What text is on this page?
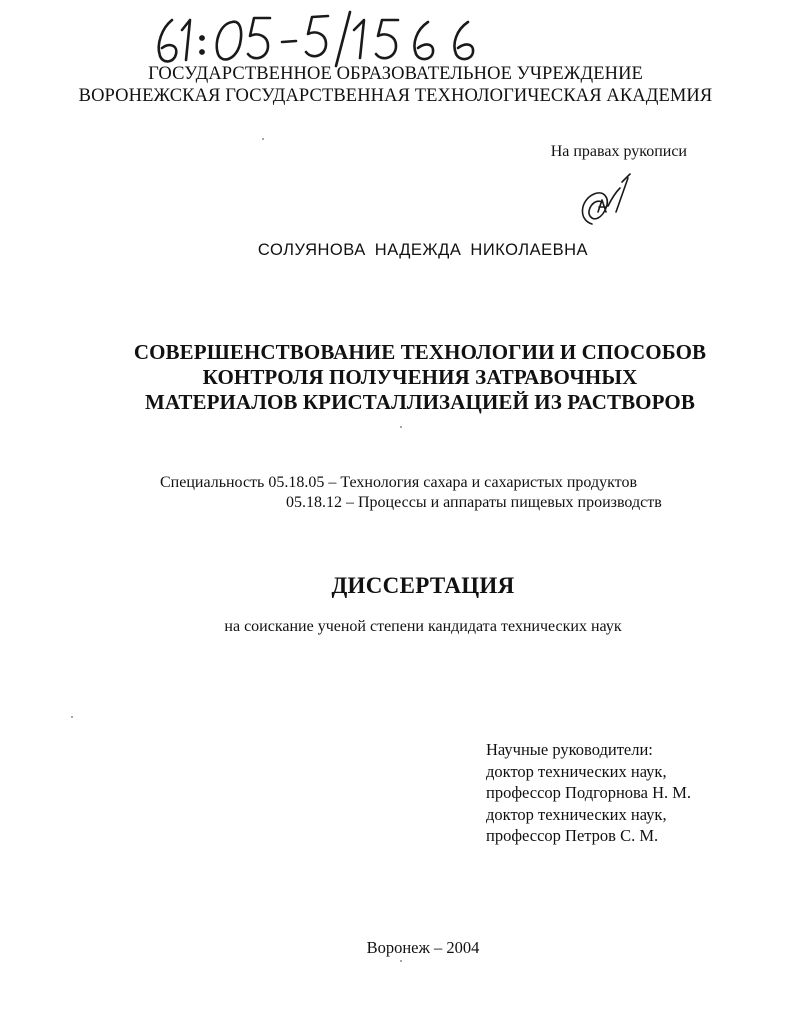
ГОСУДАРСТВЕННОЕ ОБРАЗОВАТЕЛЬНОЕ УЧРЕЖДЕНИЕ
ВОРОНЕЖСКАЯ ГОСУДАРСТВЕННАЯ ТЕХНОЛОГИЧЕСКАЯ АКАДЕМИЯ
На правах рукописи
СОЛУЯНОВА НАДЕЖДА НИКОЛАЕВНА
СОВЕРШЕНСТВОВАНИЕ ТЕХНОЛОГИИ И СПОСОБОВ
КОНТРОЛЯ ПОЛУЧЕНИЯ ЗАТРАВОЧНЫХ
МАТЕРИАЛОВ КРИСТАЛЛИЗАЦИЕЙ ИЗ РАСТВОРОВ
Специальность 05.18.05 – Технология сахара и сахаристых продуктов
05.18.12 – Процессы и аппараты пищевых производств
ДИССЕРТАЦИЯ
на соискание ученой степени кандидата технических наук
Научные руководители:
доктор технических наук,
профессор Подгорнова Н. М.
доктор технических наук,
профессор Петров С. М.
Воронеж – 2004
